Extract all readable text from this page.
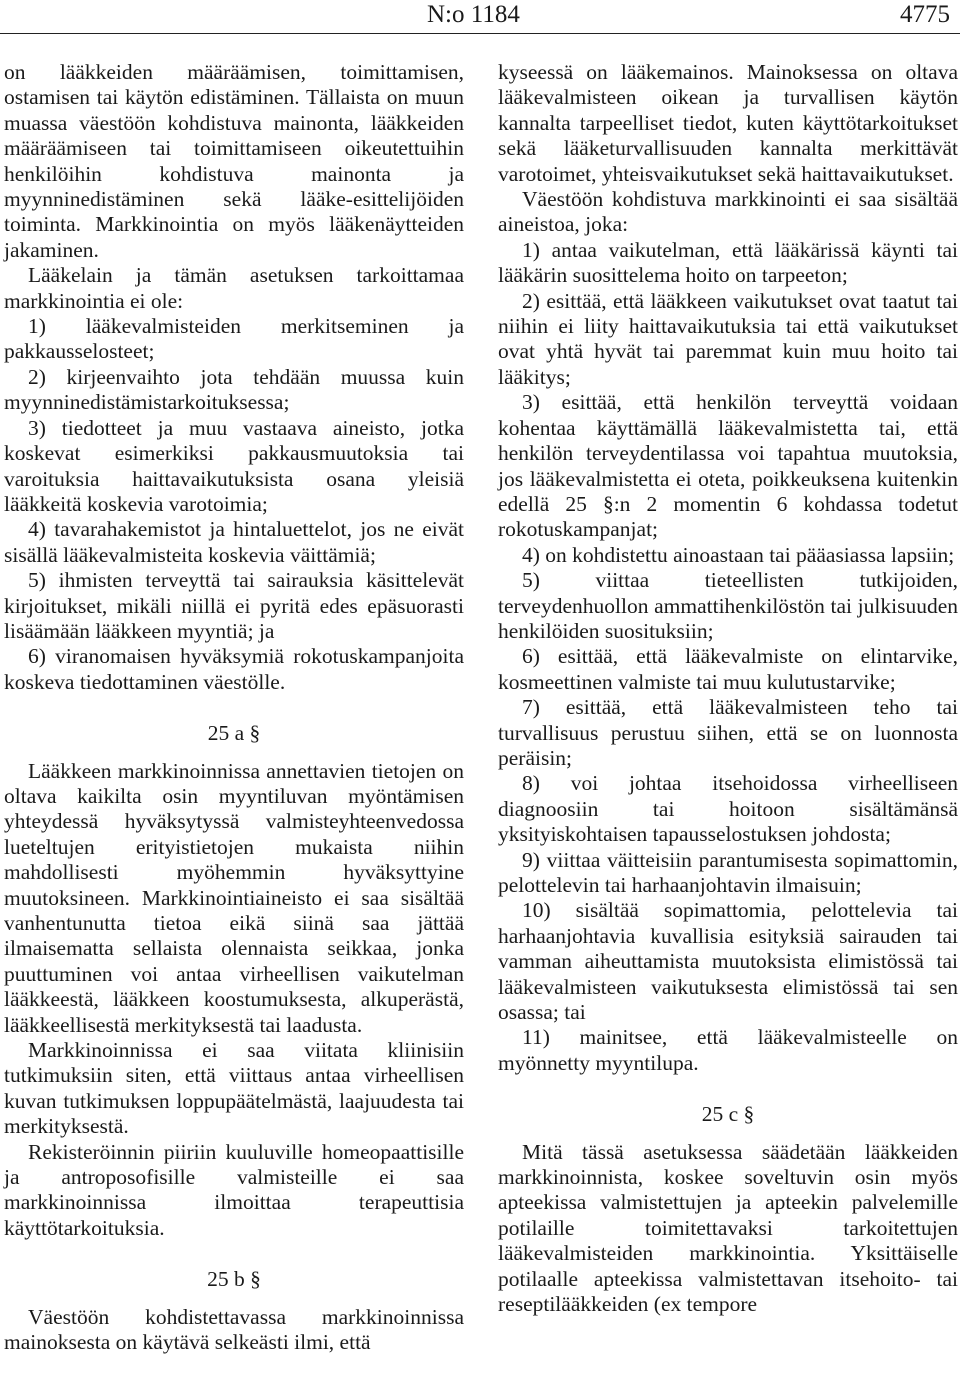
N:o 1184	4775

on lääkkeiden määräämisen, toimittamisen, ostamisen tai käytön edistäminen. Tällaista on muun muassa väestöön kohdistuva mainonta, lääkkeiden määräämiseen tai toimittamiseen oikeutettuihin henkilöihin kohdistuva mainonta ja myynninedistäminen sekä lääke-esittelijöiden toiminta. Markkinointia on myös lääkenäytteiden jakaminen.

Lääkelain ja tämän asetuksen tarkoittamaa markkinointia ei ole:

1) lääkevalmisteiden merkitseminen ja pakkausselosteet;

2) kirjeenvaihto jota tehdään muussa kuin myynninedistämistarkoituksessa;

3) tiedotteet ja muu vastaava aineisto, jotka koskevat esimerkiksi pakkausmuutoksia tai varoituksia haittavaikutuksista osana yleisiä lääkkeitä koskevia varotoimia;

4) tavarahakemistot ja hintaluettelot, jos ne eivät sisällä lääkevalmisteita koskevia väittämiä;

5) ihmisten terveyttä tai sairauksia käsittelevät kirjoitukset, mikäli niillä ei pyritä edes epäsuorasti lisäämään lääkkeen myyntiä; ja

6) viranomaisen hyväksymiä rokotuskampanjoita koskeva tiedottaminen väestölle.

25 a §

Lääkkeen markkinoinnissa annettavien tietojen on oltava kaikilta osin myyntiluvan myöntämisen yhteydessä hyväksytyssä valmisteyhteenvedossa lueteltujen erityistietojen mukaista niihin mahdollisesti myöhemmin hyväksyttyine muutoksineen. Markkinointiaineisto ei saa sisältää vanhentunutta tietoa eikä siinä saa jättää ilmaisematta sellaista olennaista seikkaa, jonka puuttuminen voi antaa virheellisen vaikutelman lääkkeestä, lääkkeen koostumuksesta, alkuperästä, lääkkeellisestä merkityksestä tai laadusta.

Markkinoinnissa ei saa viitata kliinisiin tutkimuksiin siten, että viittaus antaa virheellisen kuvan tutkimuksen loppupäätelmästä, laajuudesta tai merkityksestä.

Rekisteröinnin piiriin kuuluville homeopaattisille ja antroposofisille valmisteille ei saa markkinoinnissa ilmoittaa terapeuttisia käyttötarkoituksia.

25 b §

Väestöön kohdistettavassa markkinoinnissa mainoksesta on käytävä selkeästi ilmi, että

kyseessä on lääkemainos. Mainoksessa on oltava lääkevalmisteen oikean ja turvallisen käytön kannalta tarpeelliset tiedot, kuten käyttötarkoitukset sekä lääketurvallisuuden kannalta merkittävät varotoimet, yhteisvaikutukset sekä haittavaikutukset.

Väestöön kohdistuva markkinointi ei saa sisältää aineistoa, joka:

1) antaa vaikutelman, että lääkärissä käynti tai lääkärin suosittelema hoito on tarpeeton;

2) esittää, että lääkkeen vaikutukset ovat taatut tai niihin ei liity haittavaikutuksia tai että vaikutukset ovat yhtä hyvät tai paremmat kuin muu hoito tai lääkitys;

3) esittää, että henkilön terveyttä voidaan kohentaa käyttämällä lääkevalmistetta tai, että henkilön terveydentilassa voi tapahtua muutoksia, jos lääkevalmistetta ei oteta, poikkeuksena kuitenkin edellä 25 §:n 2 momentin 6 kohdassa todetut rokotuskampanjat;

4) on kohdistettu ainoastaan tai pääasiassa lapsiin;

5) viittaa tieteellisten tutkijoiden, terveydenhuollon ammattihenkilöstön tai julkisuuden henkilöiden suosituksiin;

6) esittää, että lääkevalmiste on elintarvike, kosmeettinen valmiste tai muu kulutustarvike;

7) esittää, että lääkevalmisteen teho tai turvallisuus perustuu siihen, että se on luonnosta peräisin;

8) voi johtaa itsehoidossa virheelliseen diagnoosiin tai hoitoon sisältämänsä yksityiskohtaisen tapausselostuksen johdosta;

9) viittaa väitteisiin parantumisesta sopimattomin, pelottelevin tai harhaanjohtavin ilmaisuin;

10) sisältää sopimattomia, pelottelevia tai harhaanjohtavia kuvallisia esityksiä sairauden tai vamman aiheuttamista muutoksista elimistössä tai lääkevalmisteen vaikutuksesta elimistössä tai sen osassa; tai

11) mainitsee, että lääkevalmisteelle on myönnetty myyntilupa.

25 c §

Mitä tässä asetuksessa säädetään lääkkeiden markkinoinnista, koskee soveltuvin osin myös apteekissa valmistettujen ja apteekin palvelemille potilaille toimitettavaksi tarkoitettujen lääkevalmisteiden markkinointia. Yksittäiselle potilaalle apteekissa valmistettavan itsehoito- tai reseptilääkkeiden (ex tempore
